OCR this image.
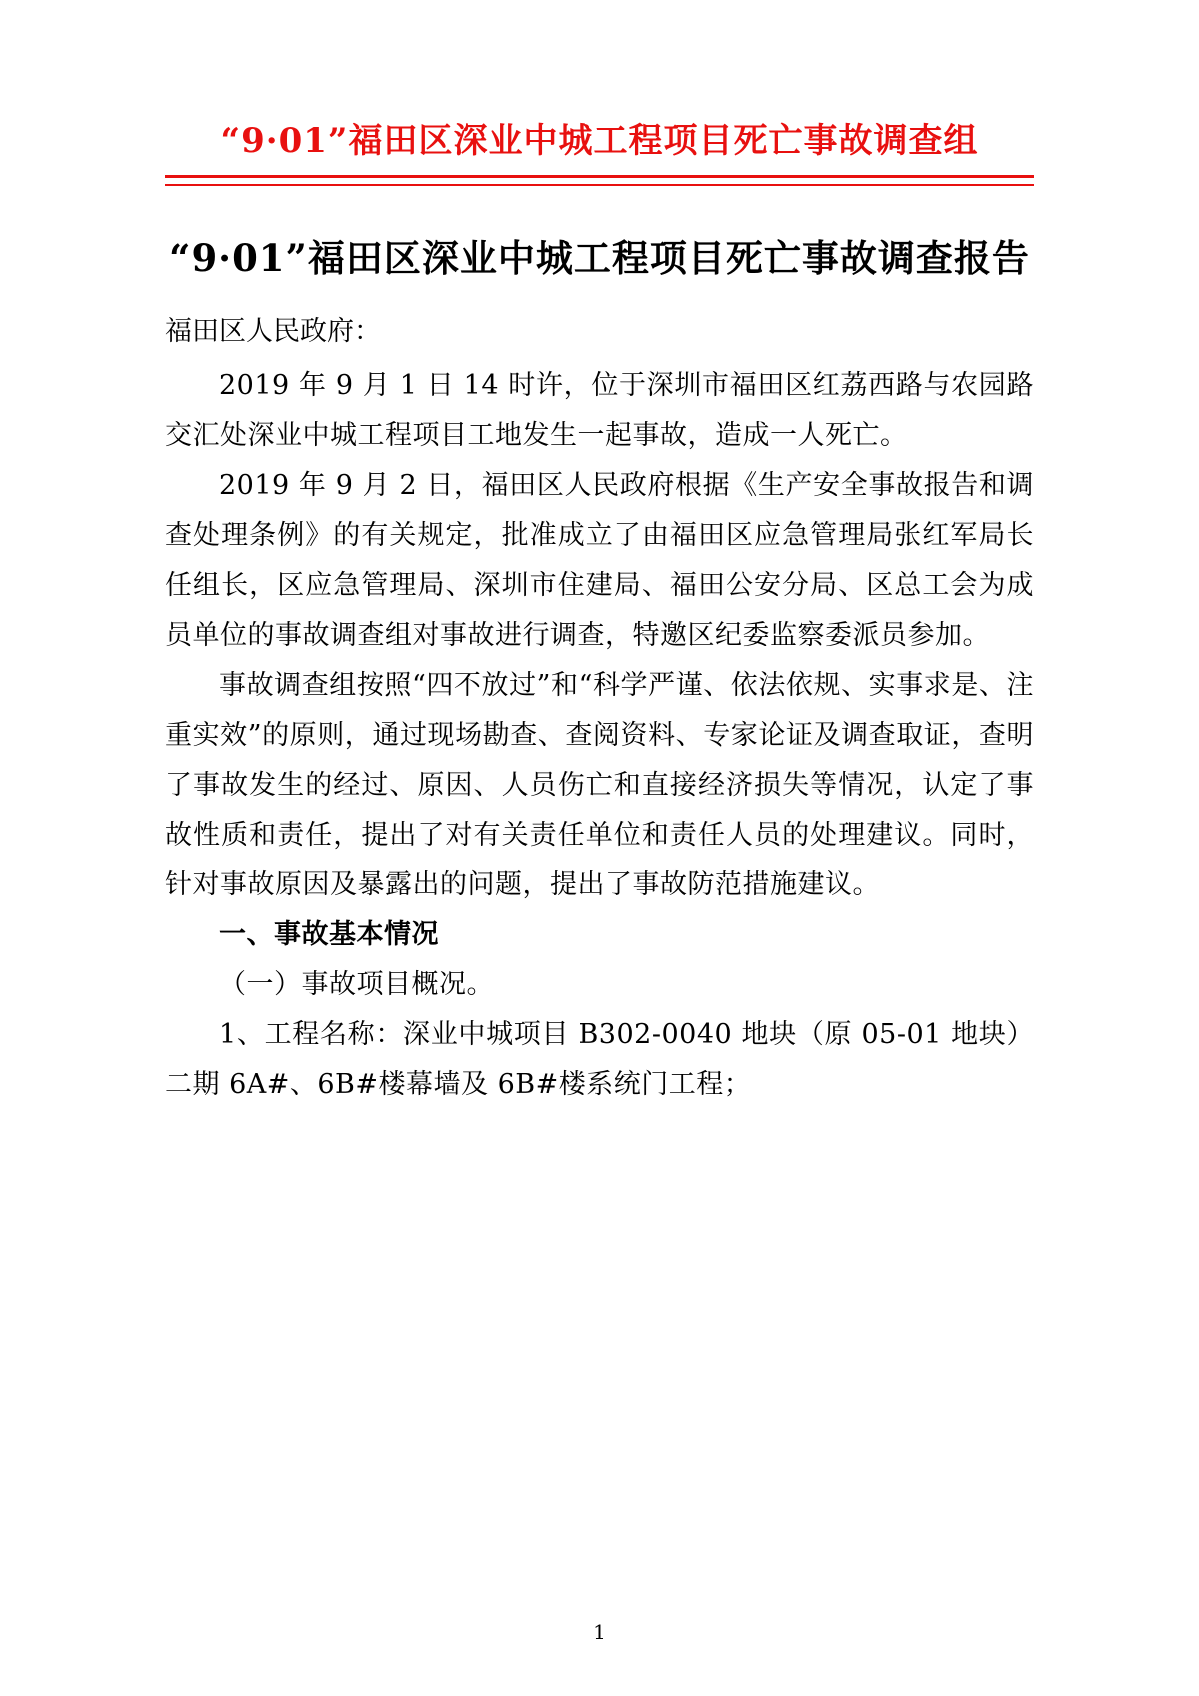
“9·01”福田区深业中城工程项目死亡事故调查组
“9·01”福田区深业中城工程项目死亡事故调查报告
福田区人民政府：

2019 年 9 月 1 日 14 时许，位于深圳市福田区红荔西路与农园路交汇处深业中城工程项目工地发生一起事故，造成一人死亡。

2019 年 9 月 2 日，福田区人民政府根据《生产安全事故报告和调查处理条例》的有关规定，批准成立了由福田区应急管理局张红军局长任组长，区应急管理局、深圳市住建局、福田公安分局、区总工会为成员单位的事故调查组对事故进行调查，特邀区纪委监察委派员参加。

事故调查组按照“四不放过”和“科学严谨、依法依规、实事求是、注重实效”的原则，通过现场勘查、查阅资料、专家论证及调查取证，查明了事故发生的经过、原因、人员伤亡和直接经济损失等情况，认定了事故性质和责任，提出了对有关责任单位和责任人员的处理建议。同时，针对事故原因及暴露出的问题，提出了事故防范措施建议。

一、事故基本情况

（一）事故项目概况。

1、工程名称：深业中城项目 B302-0040 地块（原 05-01 地块）二期 6A#、6B#楼幕墙及 6B#楼系统门工程；

1
